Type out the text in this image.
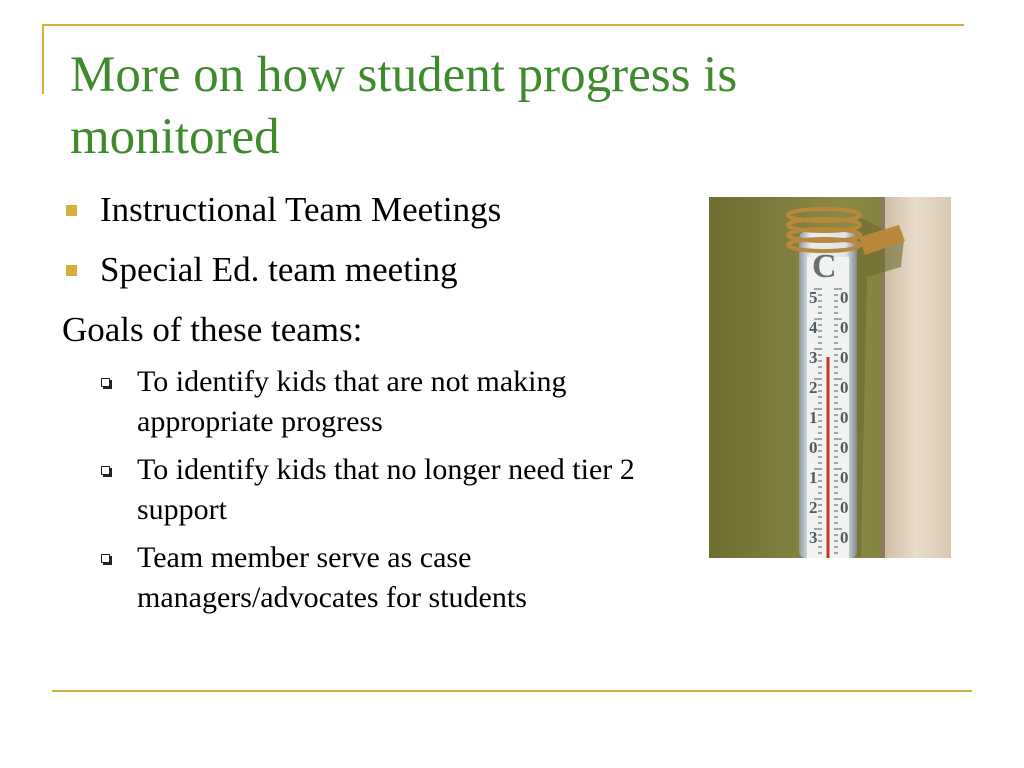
More on how student progress is monitored
Instructional Team Meetings
Special Ed. team meeting
Goals of these teams:
To identify kids that are not making appropriate progress
To identify kids that no longer need tier 2 support
Team member serve as case managers/advocates for students
C
5
4
3
2
1
0
1
2
3
0
0
0
0
0
0
0
0
0
